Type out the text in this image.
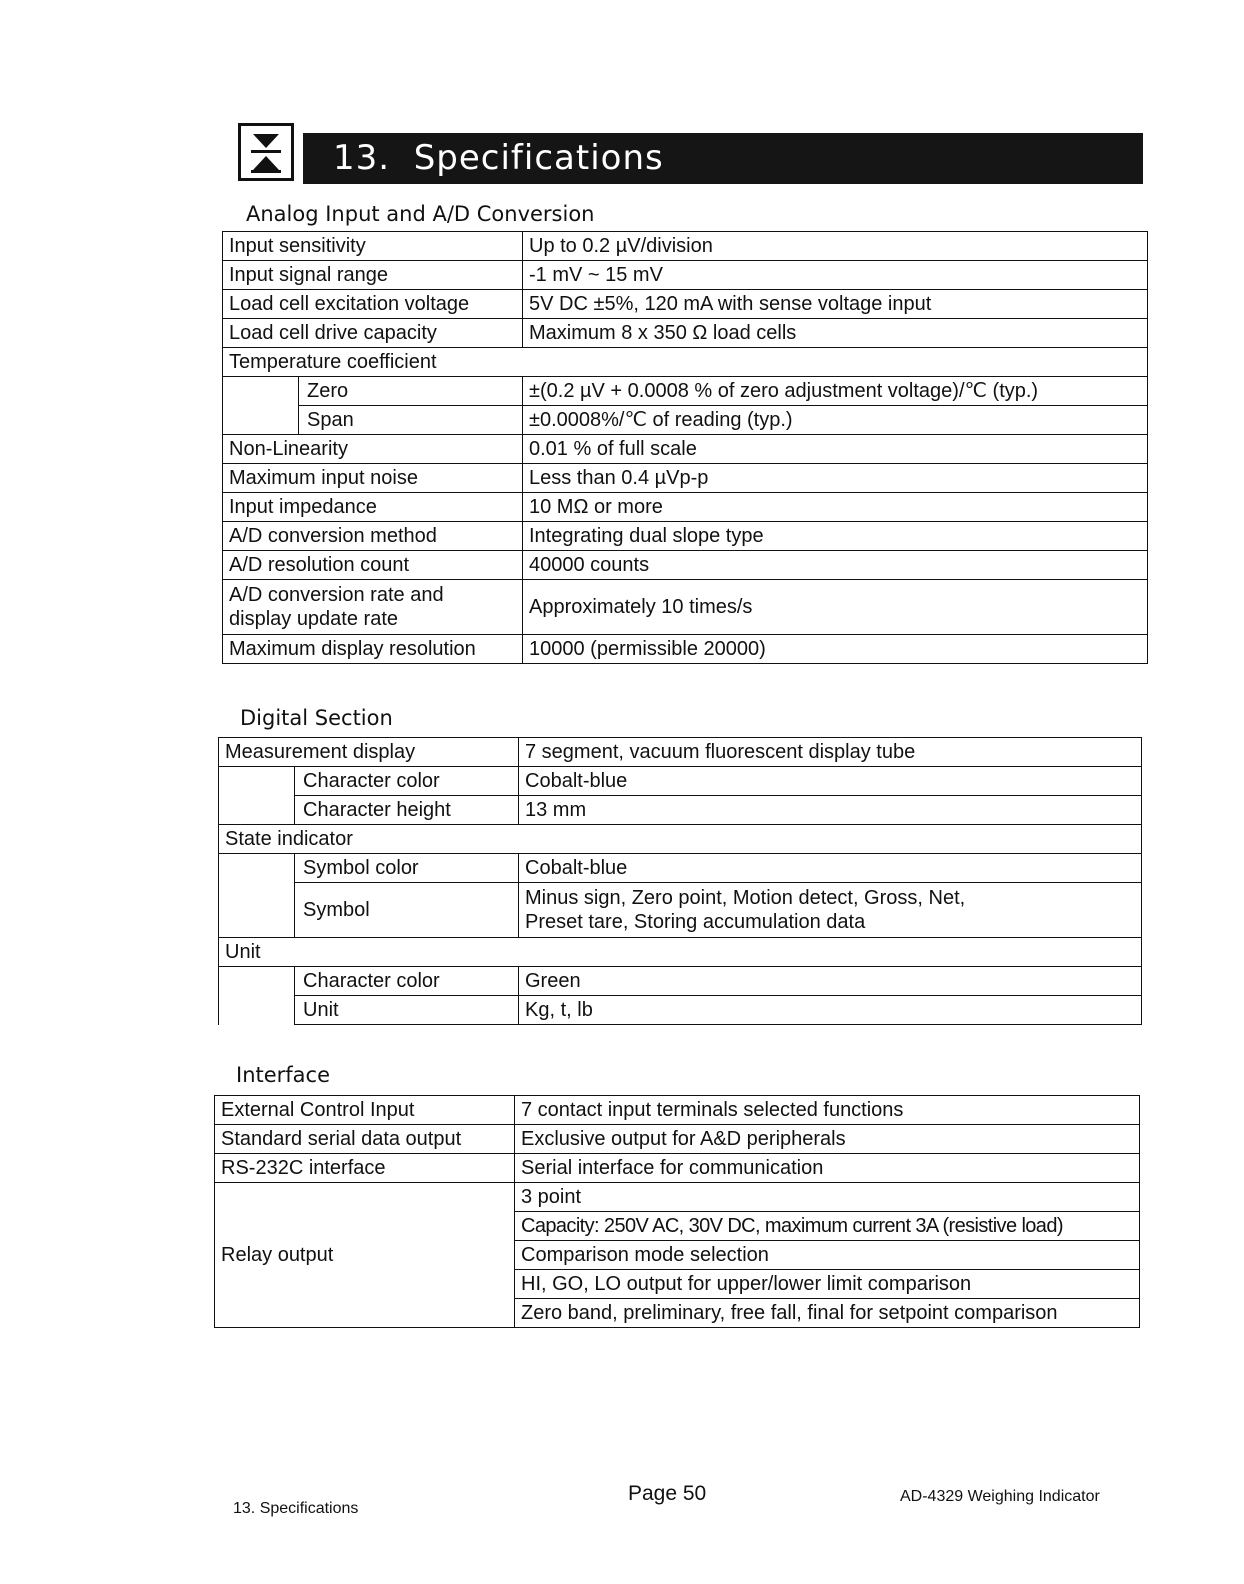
13. Specifications
Analog Input and A/D Conversion
Input sensitivity		Up to 0.2 µV/division
Input signal range		-1 mV ~ 15 mV
Load cell excitation voltage		5V DC ±5%, 120 mA with sense voltage input
Load cell drive capacity		Maximum 8 x 350 Ω load cells
Temperature coefficient		
	Zero	±(0.2 µV + 0.0008 % of zero adjustment voltage)/℃ (typ.)
	Span	±0.0008%/℃ of reading (typ.)
Non-Linearity		0.01 % of full scale
Maximum input noise		Less than 0.4 µVp-p
Input impedance		10 MΩ or more
A/D conversion method		Integrating dual slope type
A/D resolution count		40000 counts
A/D conversion rate and
display update rate		Approximately 10 times/s
Maximum display resolution		10000 (permissible 20000)
Digital Section
Measurement display		7 segment, vacuum fluorescent display tube
	Character color	Cobalt-blue
	Character height	13 mm
State indicator		
	Symbol color	Cobalt-blue
	Symbol	Minus sign, Zero point, Motion detect, Gross, Net,
Preset tare, Storing accumulation data
Unit		
	Character color	Green
	Unit	Kg, t, lb
Interface
External Control Input	7 contact input terminals selected functions
Standard serial data output	Exclusive output for A&D peripherals
RS-232C interface	Serial interface for communication
Relay output	3 point
	Capacity: 250V AC, 30V DC, maximum current 3A (resistive load)
	Comparison mode selection
	HI, GO, LO output for upper/lower limit comparison
	Zero band, preliminary, free fall, final for setpoint comparison
13. Specifications
Page 50	AD-4329 Weighing Indicator
